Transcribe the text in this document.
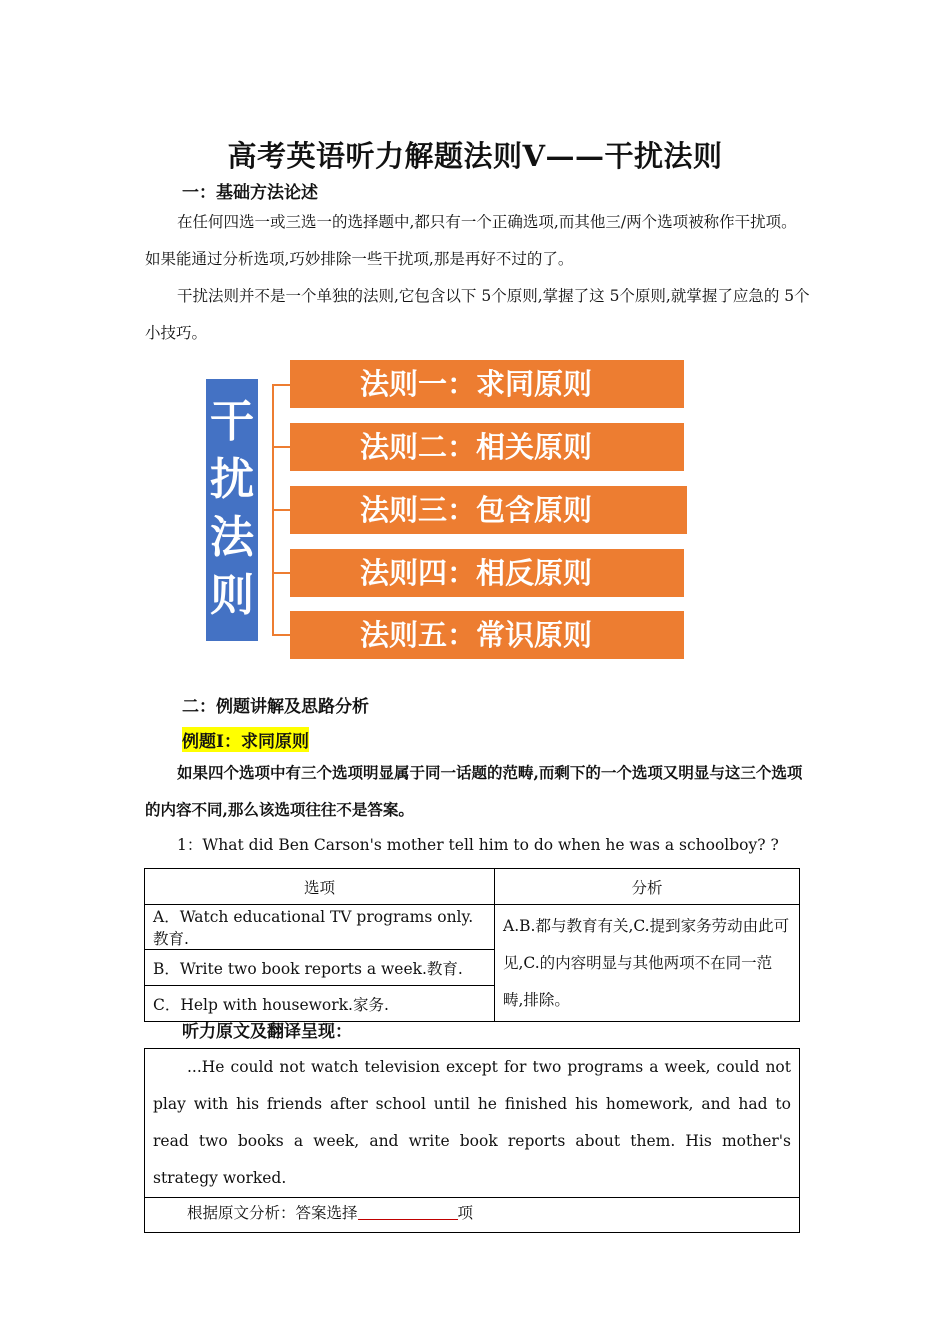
高考英语听力解题法则Ⅴ——干扰法则
一：基础方法论述
在任何四选一或三选一的选择题中,都只有一个正确选项,而其他三/两个选项被称作干扰项。如果能通过分析选项,巧妙排除一些干扰项,那是再好不过的了。
干扰法则并不是一个单独的法则,它包含以下 5个原则,掌握了这 5个原则,就掌握了应急的 5个小技巧。
干
扰
法
则
法则一：求同原则
法则二：相关原则
法则三：包含原则
法则四：相反原则
法则五：常识原则
二：例题讲解及思路分析
例题Ⅰ：求同原则
如果四个选项中有三个选项明显属于同一话题的范畴,而剩下的一个选项又明显与这三个选项的内容不同,那么该选项往往不是答案。
1：What did Ben Carson's mother tell him to do when he was a schoolboy? ?
选项	分析
A．Watch educational TV programs only.教育.	A.B.都与教育有关,C.提到家务劳动由此可见,C.的内容明显与其他两项不在同一范畴,排除。
B．Write two book reports a week.教育.	
C．Help with housework.家务.	
听力原文及翻译呈现：
...He could not watch television except for two programs a week, could not play with his friends after school until he finished his homework, and had to read two books a week, and write book reports about them. His mother's strategy worked.
根据原文分析：答案选择	项
